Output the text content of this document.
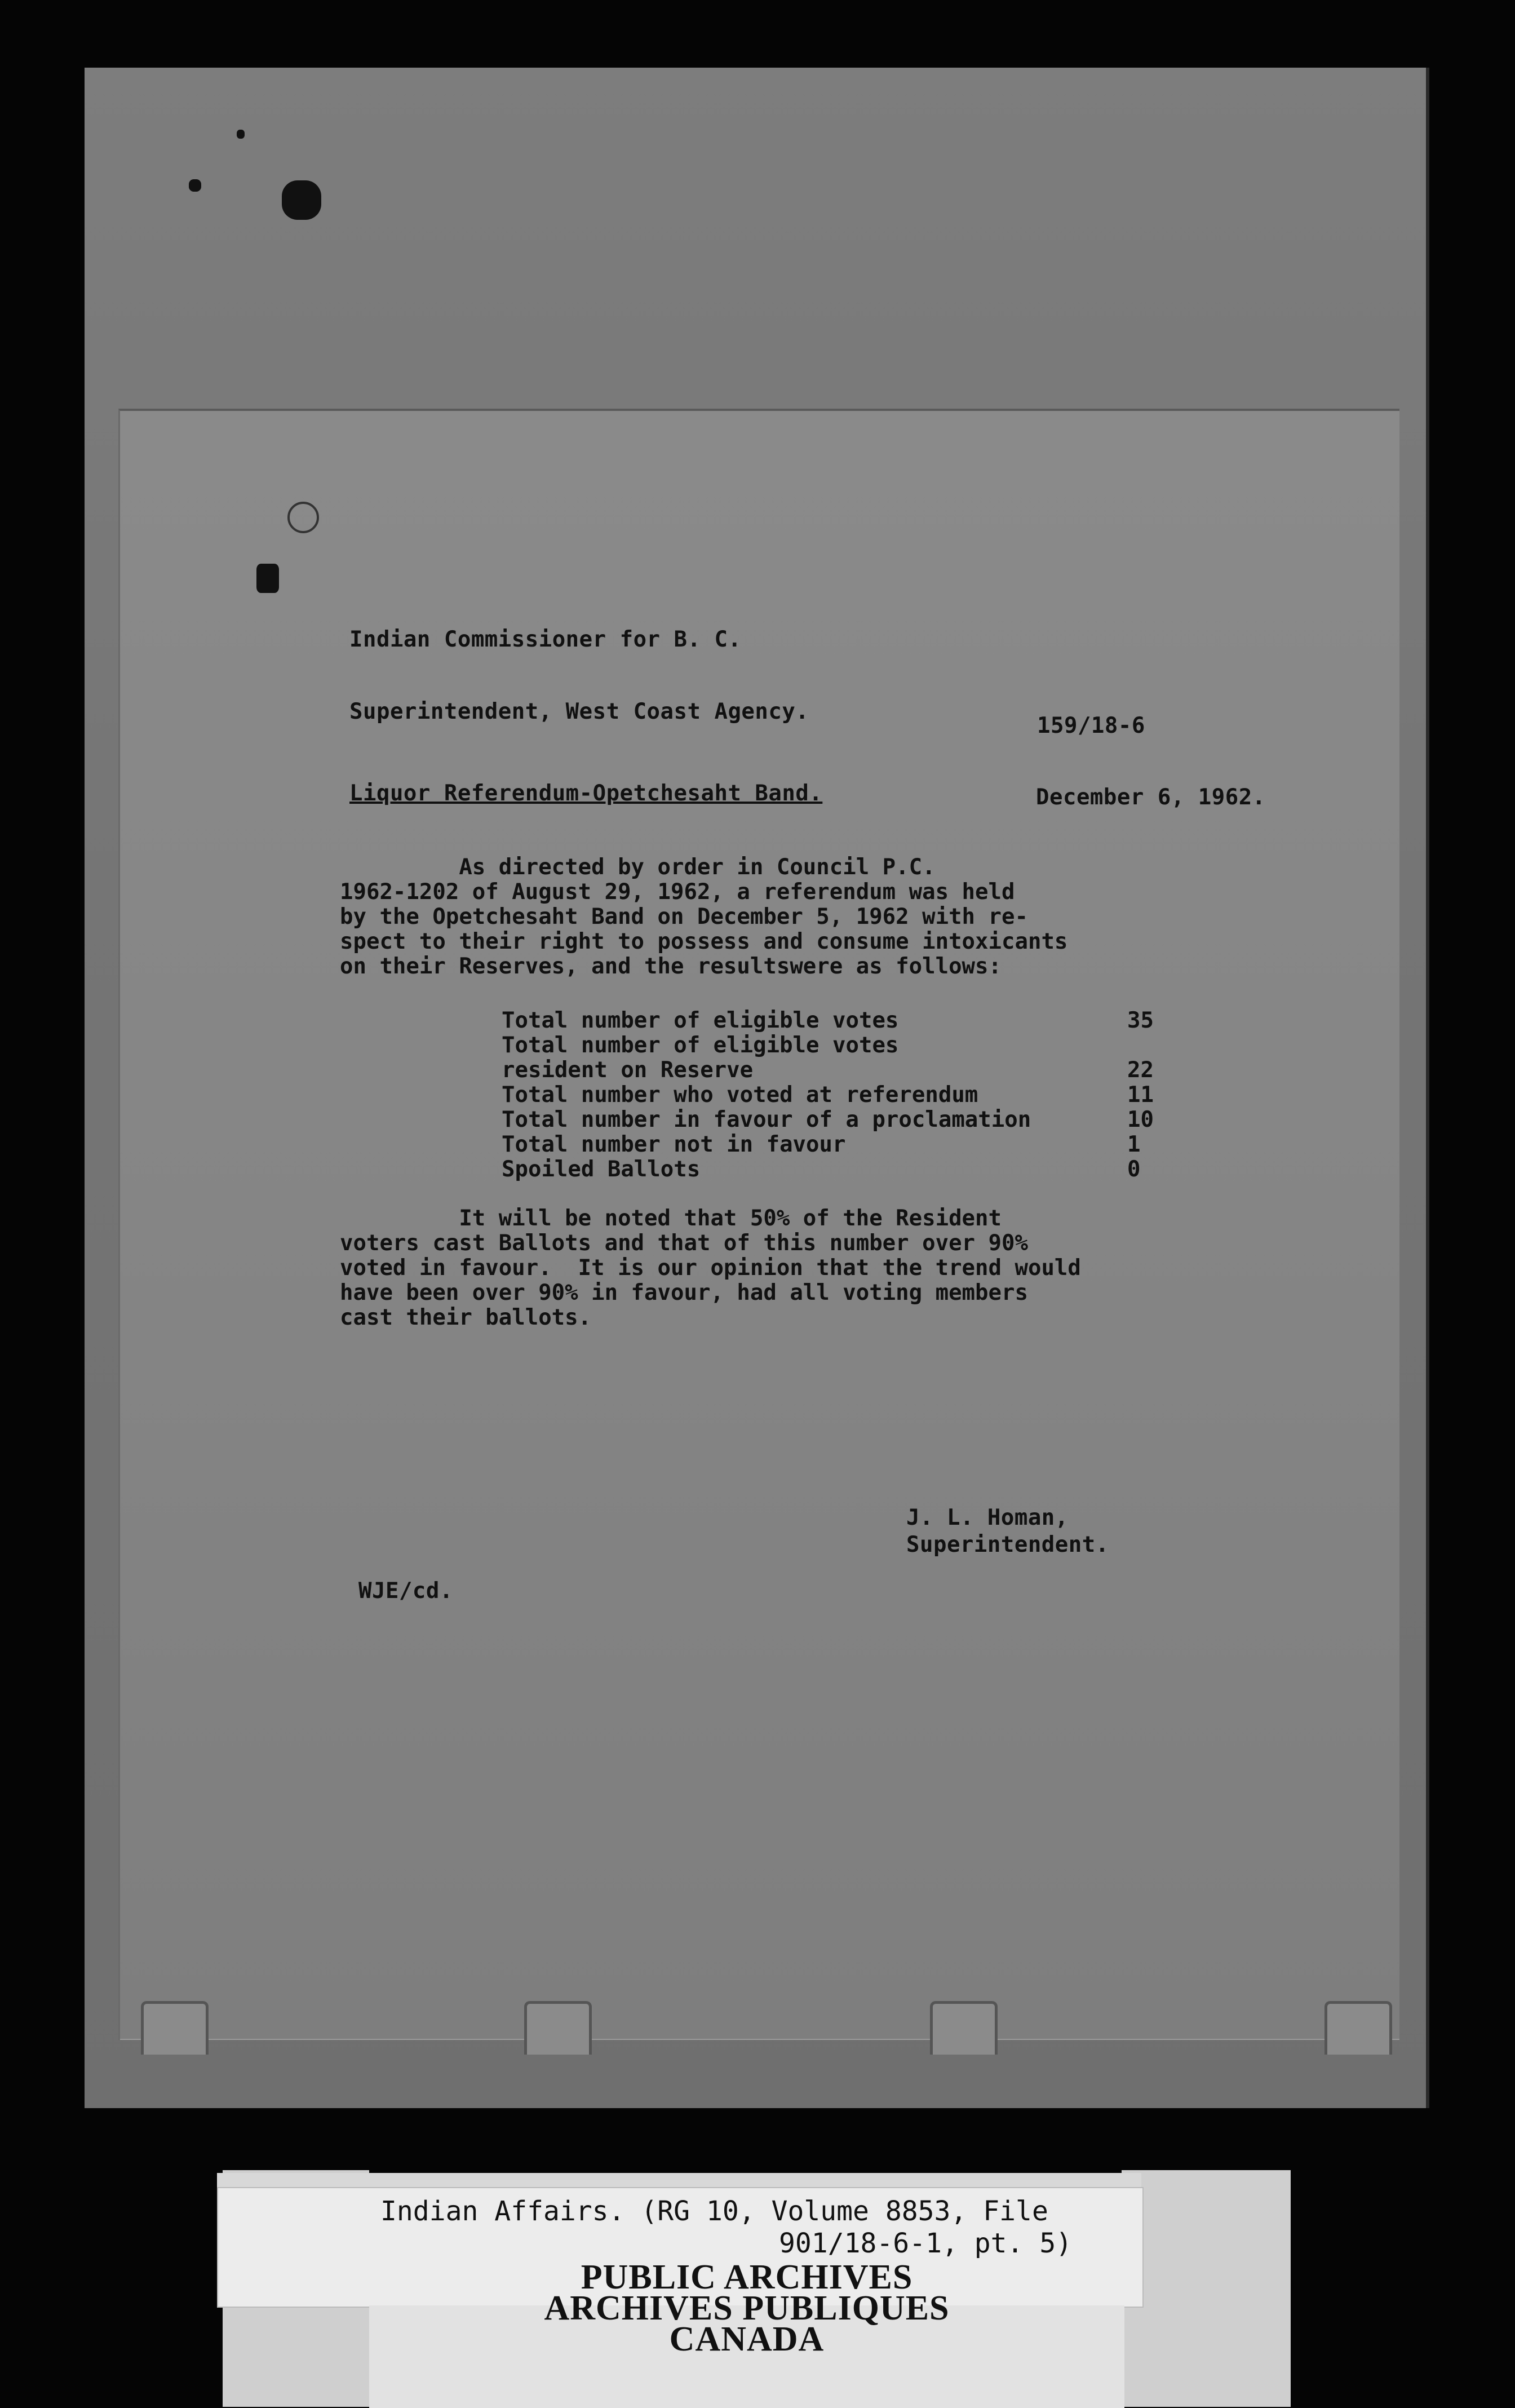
Indian Commissioner for B. C.
Superintendent, West Coast Agency.
159/18-6
Liquor Referendum-Opetchesaht Band.	December 6, 1962.
As directed by order in Council P.C.
1962-1202 of August 29, 1962, a referendum was held
by the Opetchesaht Band on December 5, 1962 with re-
spect to their right to possess and consume intoxicants
on their Reserves, and the resultswere as follows:
Total number of eligible votes	35
Total number of eligible votes
resident on Reserve	22
Total number who voted at referendum	11
Total number in favour of a proclamation	10
Total number not in favour	1
Spoiled Ballots	0
It will be noted that 50% of the Resident
voters cast Ballots and that of this number over 90%
voted in favour.  It is our opinion that the trend would
have been over 90% in favour, had all voting members
cast their ballots.
J. L. Homan,
Superintendent.
WJE/cd.
Indian Affairs. (RG 10, Volume 8853, File
901/18-6-1, pt. 5)
PUBLIC ARCHIVES
ARCHIVES PUBLIQUES
CANADA
